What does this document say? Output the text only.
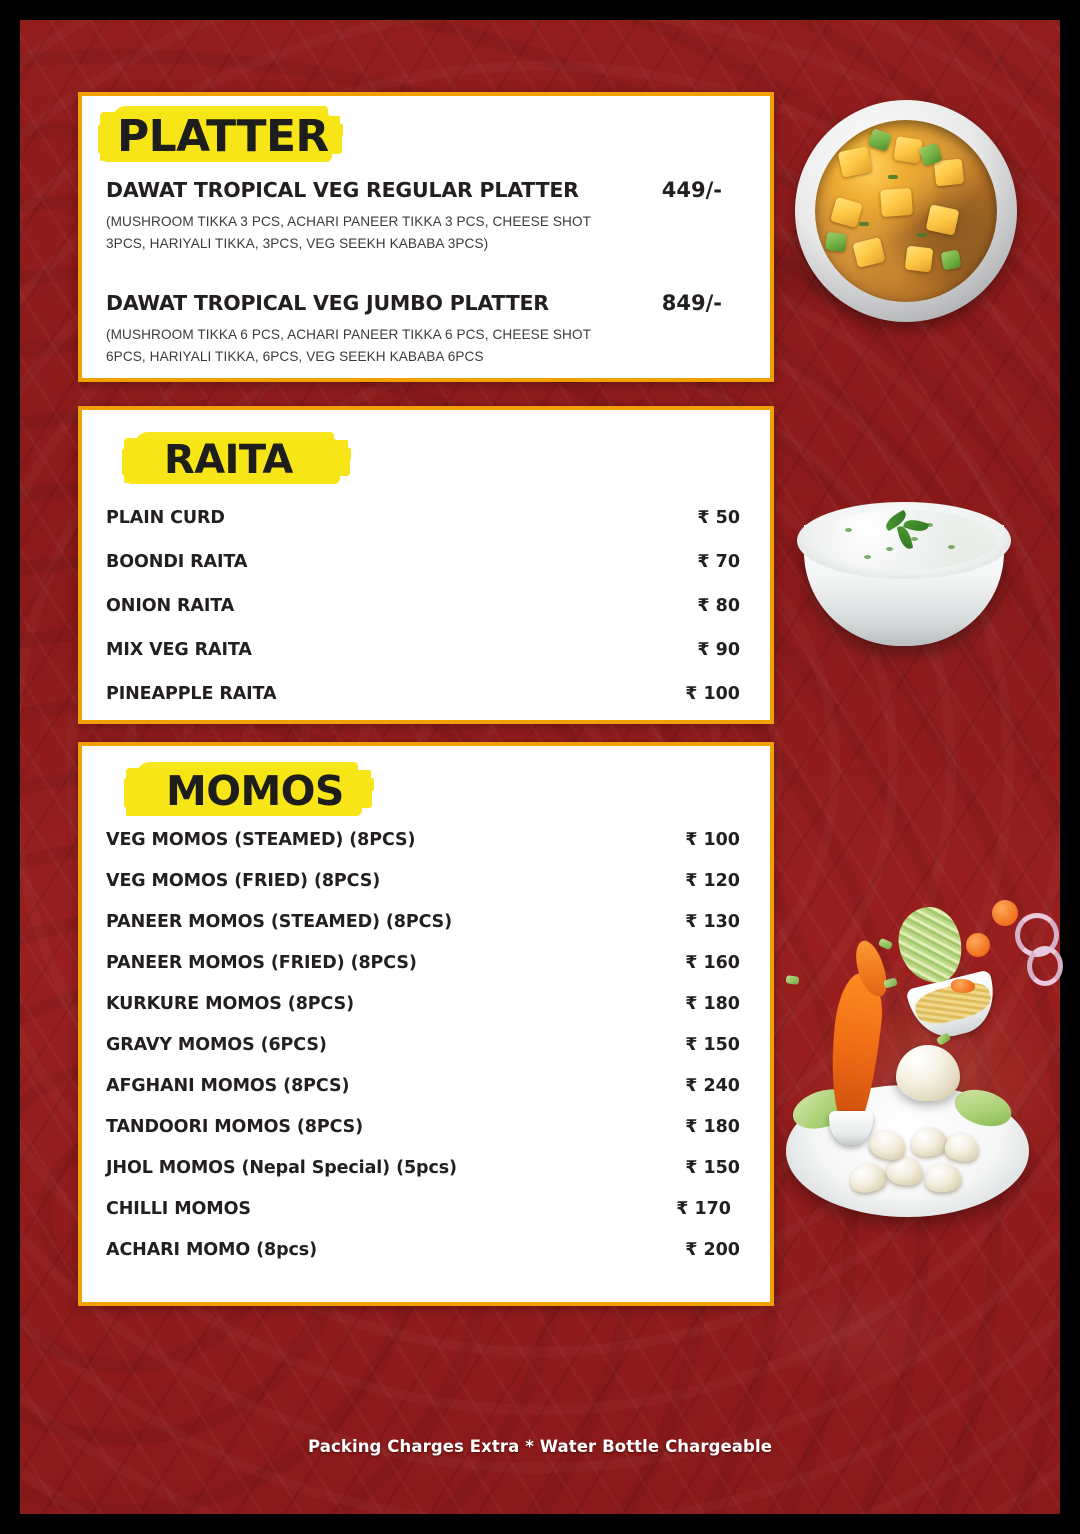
PLATTER
DAWAT TROPICAL VEG REGULAR PLATTER	449/-
(MUSHROOM TIKKA 3 PCS, ACHARI PANEER TIKKA 3 PCS, CHEESE SHOT 3PCS, HARIYALI TIKKA, 3PCS, VEG SEEKH KABABA 3PCS)
DAWAT TROPICAL VEG JUMBO PLATTER	849/-
(MUSHROOM TIKKA 6 PCS, ACHARI PANEER TIKKA 6 PCS, CHEESE SHOT 6PCS, HARIYALI TIKKA, 6PCS, VEG SEEKH KABABA 6PCS
RAITA
PLAIN CURD	₹ 50
BOONDI RAITA	₹ 70
ONION RAITA	₹ 80
MIX VEG RAITA	₹ 90
PINEAPPLE RAITA	₹ 100
MOMOS
VEG MOMOS (STEAMED) (8PCS)	₹ 100
VEG MOMOS (FRIED) (8PCS)	₹ 120
PANEER MOMOS (STEAMED) (8PCS)	₹ 130
PANEER MOMOS (FRIED) (8PCS)	₹ 160
KURKURE MOMOS (8PCS)	₹ 180
GRAVY MOMOS (6PCS)	₹ 150
AFGHANI MOMOS (8PCS)	₹ 240
TANDOORI MOMOS (8PCS)	₹ 180
JHOL MOMOS (Nepal Special) (5pcs)	₹ 150
CHILLI MOMOS	₹ 170
ACHARI MOMO (8pcs)	₹ 200
Packing Charges Extra * Water Bottle Chargeable
